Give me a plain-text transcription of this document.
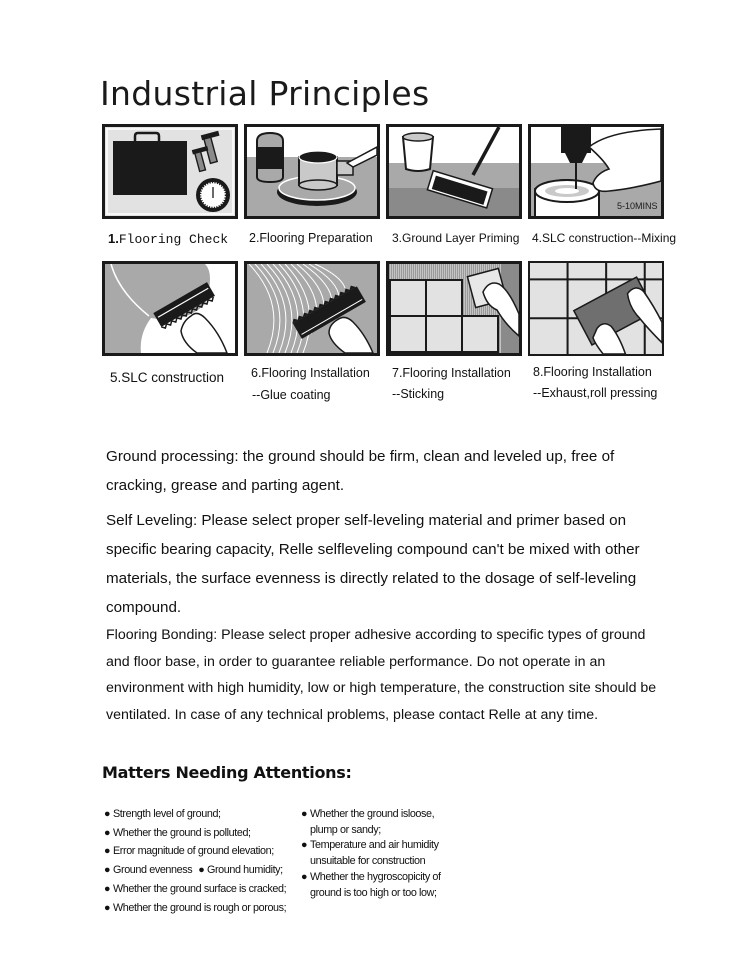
Industrial Principles
5-10MINS
1.Flooring Check 2.Flooring Preparation 3.Ground Layer Priming 4.SLC construction--Mixing
5.SLC construction 6.Flooring Installation
--Glue coating
7.Flooring Installation
--Sticking
8.Flooring Installation
--Exhaust,roll pressing

Ground processing: the ground should be firm, clean and leveled up, free of cracking, grease and parting agent.

Self Leveling: Please select proper self-leveling material and primer based on specific bearing capacity, Relle selfleveling compound can't be mixed with other materials, the surface evenness is directly related to the dosage of self-leveling compound.

Flooring Bonding: Please select proper adhesive according to specific types of ground and floor base, in order to guarantee reliable performance. Do not operate in an environment with high humidity, low or high temperature, the construction site should be ventilated. In case of any technical problems, please contact Relle at any time.

Matters Needing Attentions:
● Strength level of ground;
● Whether the ground is polluted;
● Error magnitude of ground elevation;
● Ground evenness ● Ground humidity;
● Whether the ground surface is cracked;
● Whether the ground is rough or porous;
● Whether the ground isloose, plump or sandy;
● Temperature and air humidity unsuitable for construction
● Whether the hygroscopicity of ground is too high or too low;
